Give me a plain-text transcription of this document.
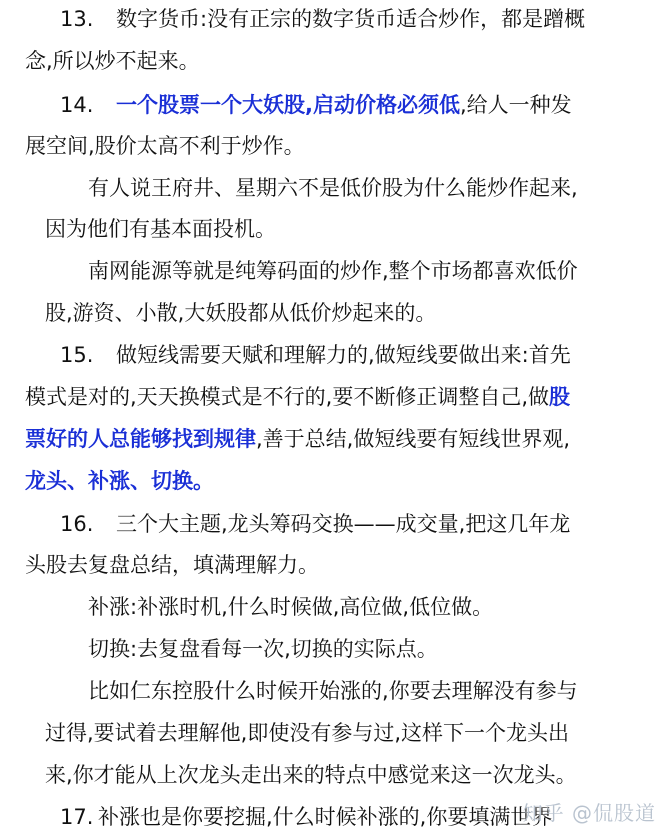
13. 数字货币:没有正宗的数字货币适合炒作，都是蹭概
念,所以炒不起来。
14. 一个股票一个大妖股,启动价格必须低,给人一种发
展空间,股价太高不利于炒作。
有人说王府井、星期六不是低价股为什么能炒作起来,
因为他们有基本面投机。
南网能源等就是纯筹码面的炒作,整个市场都喜欢低价
股,游资、小散,大妖股都从低价炒起来的。
15. 做短线需要天赋和理解力的,做短线要做出来:首先
模式是对的,天天换模式是不行的,要不断修正调整自己,做股
票好的人总能够找到规律,善于总结,做短线要有短线世界观,
龙头、补涨、切换。
16. 三个大主题,龙头筹码交换——成交量,把这几年龙
头股去复盘总结，填满理解力。
补涨:补涨时机,什么时候做,高位做,低位做。
切换:去复盘看每一次,切换的实际点。
比如仁东控股什么时候开始涨的,你要去理解没有参与
过得,要试着去理解他,即使没有参与过,这样下一个龙头出
来,你才能从上次龙头走出来的特点中感觉来这一次龙头。
17. 补涨也是你要挖掘,什么时候补涨的,你要填满世界
知乎 @侃股道
